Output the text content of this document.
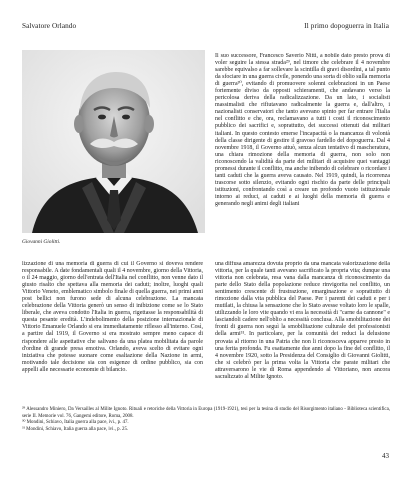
Salvatore Orlando	Il primo dopoguerra in Italia
Giovanni Giolitti.

Il suo successore, Francesco Saverio Nitti, a nobile dato presto prova di voler seguire la stessa strada²⁹, nel timore che celebrare il 4 novembre sarebbe equivalso a far sollevare la scintilla di gravi disordini, a tal punto da sfociare in una guerra civile, ponendo una sorta di oblio sulla memoria di guerra³⁰, evitando di promuovere solenni celebrazioni in un Paese fortemente diviso da opposti schieramenti, che andavano verso la pericolosa deriva della radicalizzazione. Da un lato, i socialisti massimalisti che rifiutavano radicalmente la guerra e, dall'altro, i nazionalisti conservatori che tanto avevano spinto per far entrare l'Italia nel conflitto e che, ora, reclamavano a tutti i costi il riconoscimento pubblico dei sacrifici e, soprattutto, dei successi ottenuti dai militari italiani. In questo contesto emerse l'incapacità o la mancanza di volontà della classe dirigente di gestire il gravoso fardello del dopoguerra. Dal 4 novembre 1918, il Governo attuò, senza alcun tentativo di mascheratura, una chiara rimozione della memoria di guerra, non solo non riconoscendo la validità da parte dei militari di acquisire quei vantaggi promessi durante il conflitto, ma anche inibendo di celebrare o ricordare i tanti caduti che la guerra aveva causato. Nel 1919, quindi, la ricorrenza trascorse sotto silenzio, evitando ogni rischio da parte delle principali istituzioni, confrontando così a creare un profondo vuoto istituzionale intorno ai reduci, ai caduti e ai luoghi della memoria di guerra e generando negli animi degli italiani

lizzazione di una memoria di guerra di cui il Governo si doveva rendere responsabile. A date fondamentali quali il 4 novembre, giorno della Vittoria, o il 24 maggio, giorno dell'entrata dell'Italia nel conflitto, non venne dato il giusto risalto che spettava alla memoria dei caduti; inoltre, luoghi quali Vittorio Veneto, emblematico simbolo finale di quella guerra, nei primi anni post bellici non furono sede di alcuna celebrazione. La mancata celebrazione della Vittoria generò un senso di inibizione come se lo Stato liberale, che aveva condotto l'Italia in guerra, rigettasse la responsabilità di questa pesante eredità. L'indebolimento della posizione internazionale di Vittorio Emanuele Orlando si era immediatamente riflesso all'interno. Così, a partire dal 1919, il Governo si era mostrato sempre meno capace di rispondere alle aspettative che salivano da una platea mobilitata da parole d'ordine di grande presa emotiva. Orlando, aveva scelto di evitare ogni iniziativa che potesse suonare come esaltazione della Nazione in armi, motivando tale decisione sia con esigenze di ordine pubblico, sia con appelli alle necessarie economie di bilancio.

una diffusa amarezza dovuta proprio da una mancata valorizzazione della vittoria, per la quale tanti avevano sacrificato la propria vita; dunque una vittoria non celebrata, resa vana dalla mancanza di riconoscimento da parte dello Stato della popolazione reduce rinvigorita nel conflitto, un sentimento crescente di frustrazione, emarginazione e soprattutto di rimozione dalla vita pubblica del Paese. Per i parenti dei caduti e per i mutilati, la chiusa la sensazione che lo Stato avesse voltato loro le spalle, utilizzando le loro vite quando vi era la necessità di "carne da cannone" e lasciandoli cadere nell'oblio a necessità conclusa. Alla smobilitazione dei fronti di guerra non seguì la smobilitazione culturale dei professionisti della armi³¹. In particolare, per la comunità dei reduci la delusione provata al ritorno in una Patria che non li riconosceva apparve presto in una ferita profonda. Fu esattamente due anni dopo la fine del conflitto, il 4 novembre 1920, sotto la Presidenza del Consiglio di Giovanni Giolitti, che si celebrò per la prima volta la Vittoria che parate militari che attraversarono le vie di Roma appendendo al Vittoriano, non ancora sacralizzato al Milite Ignoto.

²⁹ Alessandro Miniero, Da Versailles al Milite Ignoto. Rituali e retoriche della Vittoria in Europa (1919-1921), tesi per la tesina di studio del Risorgimento italiano - Biblioteca scientifica, serie II. Memorie vol. 76, Gangemi editore, Roma, 2008.

³⁰ Mondini, Schiavo, Italia guerra alla pace, ivi., p. 47.

³¹ Mondini, Schiavo, Italia guerra alla pace, ivi., p. 25.

43
